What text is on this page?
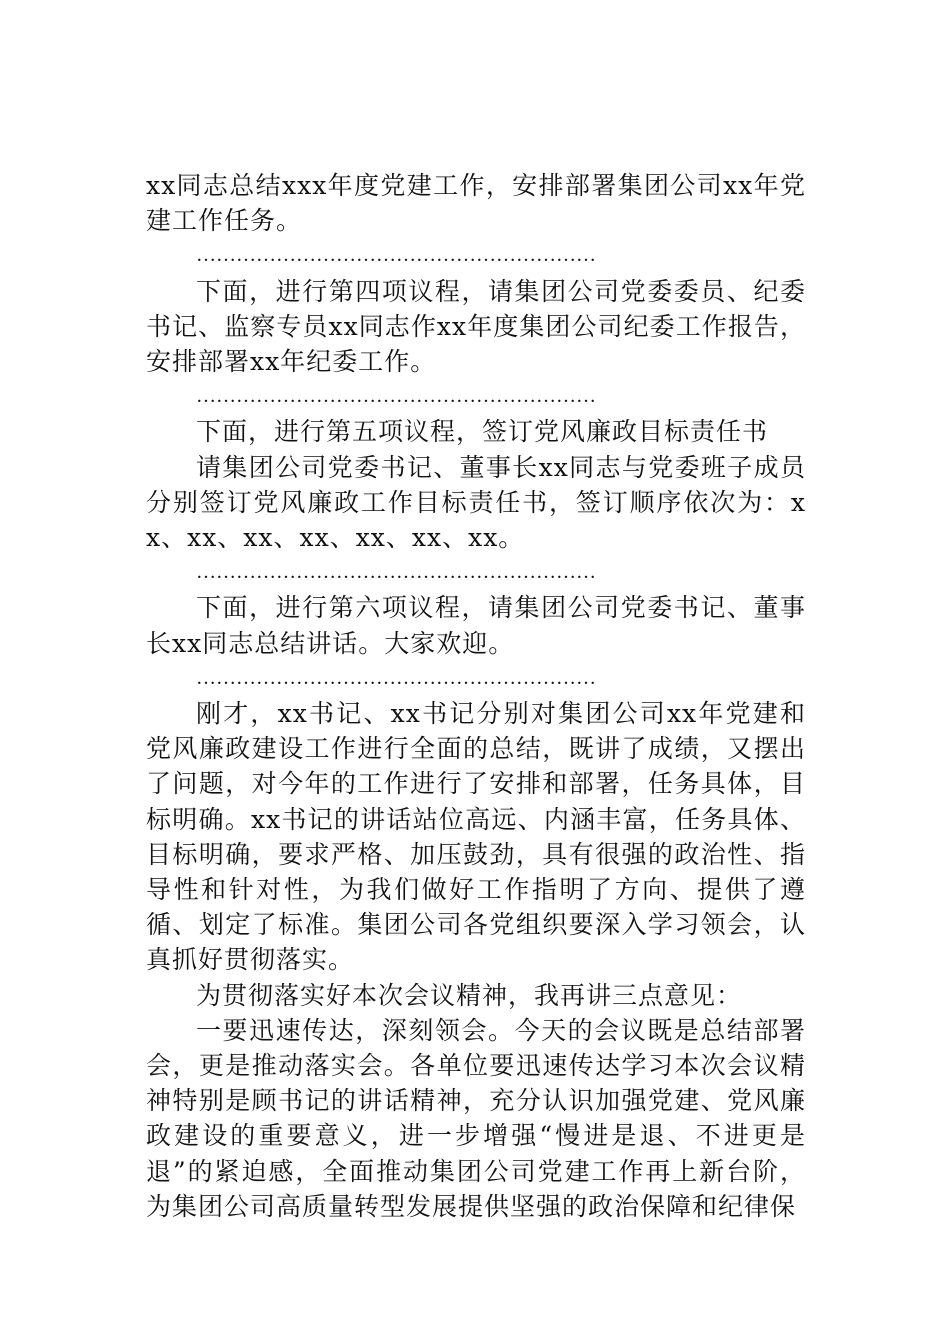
xx同志总结xxx年度党建工作，安排部署集团公司xx年党建工作任务。

……………………………………………………

下面，进行第四项议程，请集团公司党委委员、纪委书记、监察专员xx同志作xx年度集团公司纪委工作报告，安排部署xx年纪委工作。

……………………………………………………

下面，进行第五项议程，签订党风廉政目标责任书

请集团公司党委书记、董事长xx同志与党委班子成员分别签订党风廉政工作目标责任书，签订顺序依次为：xx、xx、xx、xx、xx、xx、xx。

……………………………………………………

下面，进行第六项议程，请集团公司党委书记、董事长xx同志总结讲话。大家欢迎。

……………………………………………………

刚才，xx书记、xx书记分别对集团公司xx年党建和党风廉政建设工作进行全面的总结，既讲了成绩，又摆出了问题，对今年的工作进行了安排和部署，任务具体，目标明确。xx书记的讲话站位高远、内涵丰富，任务具体、目标明确，要求严格、加压鼓劲，具有很强的政治性、指导性和针对性，为我们做好工作指明了方向、提供了遵循、划定了标准。集团公司各党组织要深入学习领会，认真抓好贯彻落实。

为贯彻落实好本次会议精神，我再讲三点意见：

一要迅速传达，深刻领会。今天的会议既是总结部署会，更是推动落实会。各单位要迅速传达学习本次会议精神特别是顾书记的讲话精神，充分认识加强党建、党风廉政建设的重要意义，进一步增强“慢进是退、不进更是退”的紧迫感，全面推动集团公司党建工作再上新台阶，为集团公司高质量转型发展提供坚强的政治保障和纪律保
